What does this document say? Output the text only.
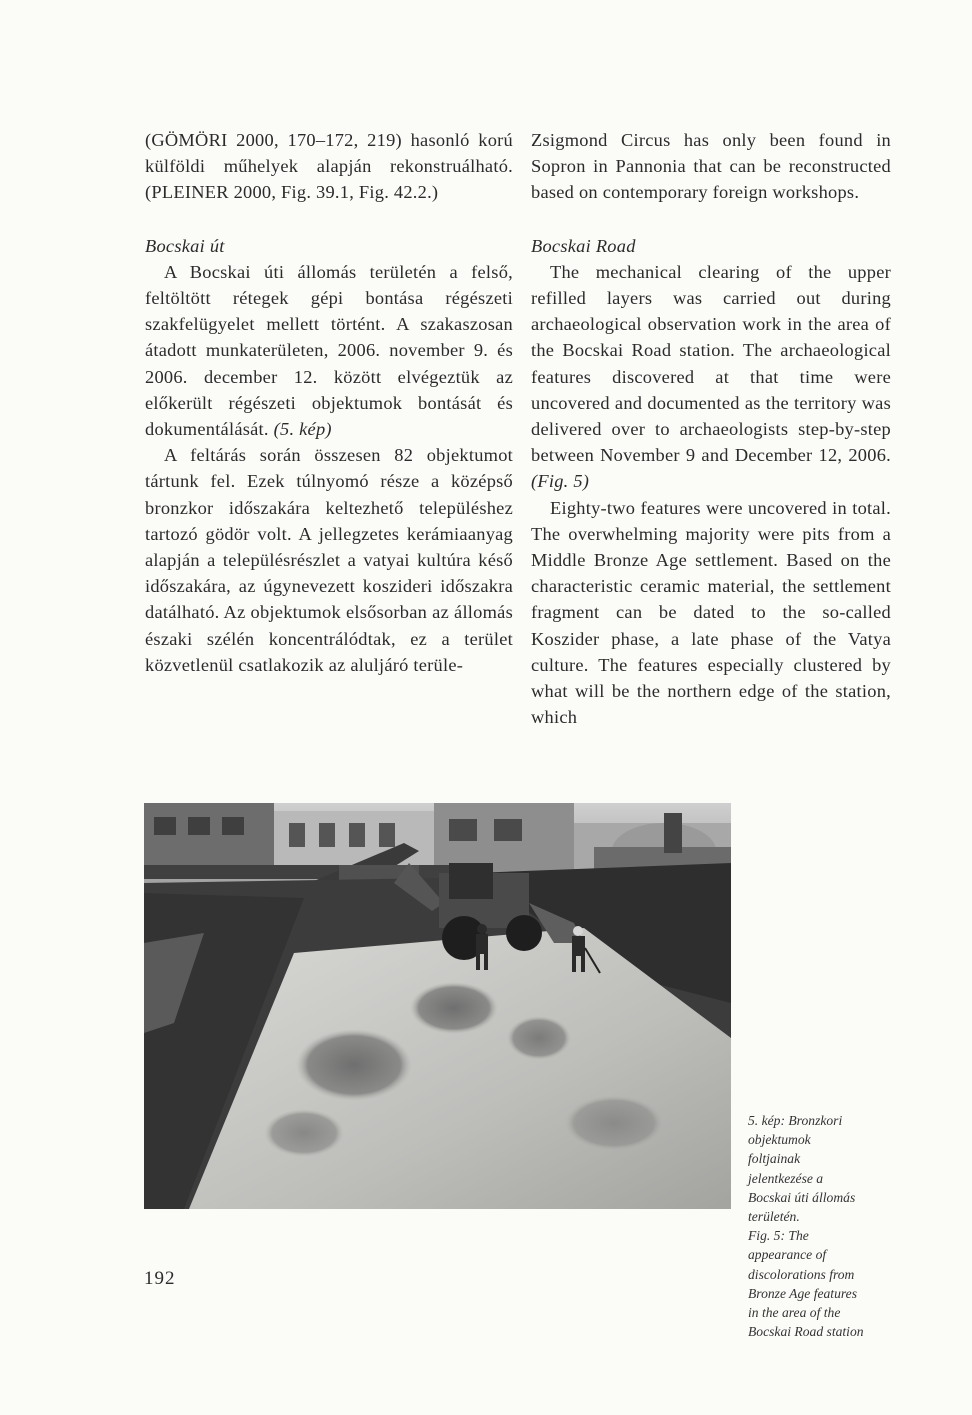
(GÖMÖRI 2000, 170–172, 219) hasonló korú külföldi műhelyek alapján rekonstruálható. (PLEINER 2000, Fig. 39.1, Fig. 42.2.)

Bocskai út

A Bocskai úti állomás területén a felső, feltöltött rétegek gépi bontása régészeti szakfelügyelet mellett történt. A szakaszosan átadott munkaterületen, 2006. november 9. és 2006. december 12. között elvégeztük az előkerült régészeti objektumok bontását és dokumentálását. (5. kép)

A feltárás során összesen 82 objektumot tártunk fel. Ezek túlnyomó része a középső bronzkor időszakára keltezhető településhez tartozó gödör volt. A jellegzetes kerámiaanyag alapján a településrészlet a vatyai kultúra késő időszakára, az úgynevezett koszideri időszakra datálható. Az objektumok elsősorban az állomás északi szélén koncentrálódtak, ez a terület közvetlenül csatlakozik az aluljáró terüle-

Zsigmond Circus has only been found in Sopron in Pannonia that can be reconstructed based on contemporary foreign workshops.

Bocskai Road

The mechanical clearing of the upper refilled layers was carried out during archaeological observation work in the area of the Bocskai Road station. The archaeological features discovered at that time were uncovered and documented as the territory was delivered over to archaeologists step-by-step between November 9 and December 12, 2006. (Fig. 5)

Eighty-two features were uncovered in total. The overwhelming majority were pits from a Middle Bronze Age settlement. Based on the characteristic ceramic material, the settlement fragment can be dated to the so-called Koszider phase, a late phase of the Vatya culture. The features especially clustered by what will be the northern edge of the station, which

5. kép: Bronzkori
objektumok
foltjainak
jelentkezése a
Bocskai úti állomás
területén.
Fig. 5: The
appearance of
discolorations from
Bronze Age features
in the area of the
Bocskai Road station
192
